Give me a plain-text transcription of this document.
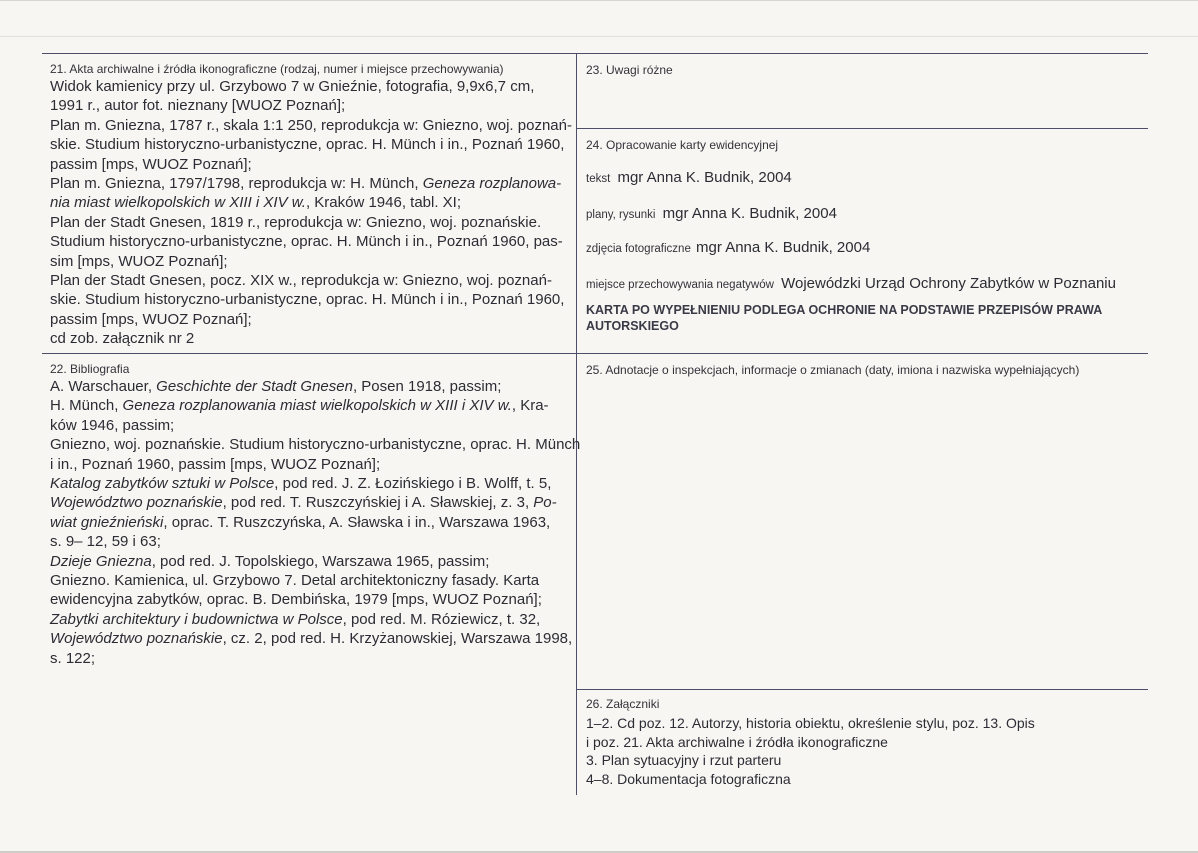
21. Akta archiwalne i źródła ikonograficzne (rodzaj, numer i miejsce przechowywania)
Widok kamienicy przy ul. Grzybowo 7 w Gnieźnie, fotografia, 9,9x6,7 cm,
1991 r., autor fot. nieznany [WUOZ Poznań];
Plan m. Gniezna, 1787 r., skala 1:1 250, reprodukcja w: Gniezno, woj. poznań-
skie. Studium historyczno-urbanistyczne, oprac. H. Münch i in., Poznań 1960,
passim [mps, WUOZ Poznań];
Plan m. Gniezna, 1797/1798, reprodukcja w: H. Münch, Geneza rozplanowa-
nia miast wielkopolskich w XIII i XIV w., Kraków 1946, tabl. XI;
Plan der Stadt Gnesen, 1819 r., reprodukcja w: Gniezno, woj. poznańskie.
Studium historyczno-urbanistyczne, oprac. H. Münch i in., Poznań 1960, pas-
sim [mps, WUOZ Poznań];
Plan der Stadt Gnesen, pocz. XIX w., reprodukcja w: Gniezno, woj. poznań-
skie. Studium historyczno-urbanistyczne, oprac. H. Münch i in., Poznań 1960,
passim [mps, WUOZ Poznań];
cd zob. załącznik nr 2
22. Bibliografia
A. Warschauer, Geschichte der Stadt Gnesen, Posen 1918, passim;
H. Münch, Geneza rozplanowania miast wielkopolskich w XIII i XIV w., Kra-
ków 1946, passim;
Gniezno, woj. poznańskie. Studium historyczno-urbanistyczne, oprac. H. Münch
i in., Poznań 1960, passim [mps, WUOZ Poznań];
Katalog zabytków sztuki w Polsce, pod red. J. Z. Łozińskiego i B. Wolff, t. 5,
Województwo poznańskie, pod red. T. Ruszczyńskiej i A. Sławskiej, z. 3, Po-
wiat gnieźnieński, oprac. T. Ruszczyńska, A. Sławska i in., Warszawa 1963,
s. 9– 12, 59 i 63;
Dzieje Gniezna, pod red. J. Topolskiego, Warszawa 1965, passim;
Gniezno. Kamienica, ul. Grzybowo 7. Detal architektoniczny fasady. Karta
ewidencyjna zabytków, oprac. B. Dembińska, 1979 [mps, WUOZ Poznań];
Zabytki architektury i budownictwa w Polsce, pod red. M. Róziewicz, t. 32,
Województwo poznańskie, cz. 2, pod red. H. Krzyżanowskiej, Warszawa 1998,
s. 122;
23. Uwagi różne
24. Opracowanie karty ewidencyjnej
tekst mgr Anna K. Budnik, 2004
plany, rysunki mgr Anna K. Budnik, 2004
zdjęcia fotograficzne mgr Anna K. Budnik, 2004
miejsce przechowywania negatywów Wojewódzki Urząd Ochrony Zabytków w Poznaniu
KARTA PO WYPEŁNIENIU PODLEGA OCHRONIE NA PODSTAWIE PRZEPISÓW PRAWA AUTORSKIEGO
25. Adnotacje o inspekcjach, informacje o zmianach (daty, imiona i nazwiska wypełniających)
26. Załączniki
1–2. Cd poz. 12. Autorzy, historia obiektu, określenie stylu, poz. 13. Opis
i poz. 21. Akta archiwalne i źródła ikonograficzne
3. Plan sytuacyjny i rzut parteru
4–8. Dokumentacja fotograficzna
